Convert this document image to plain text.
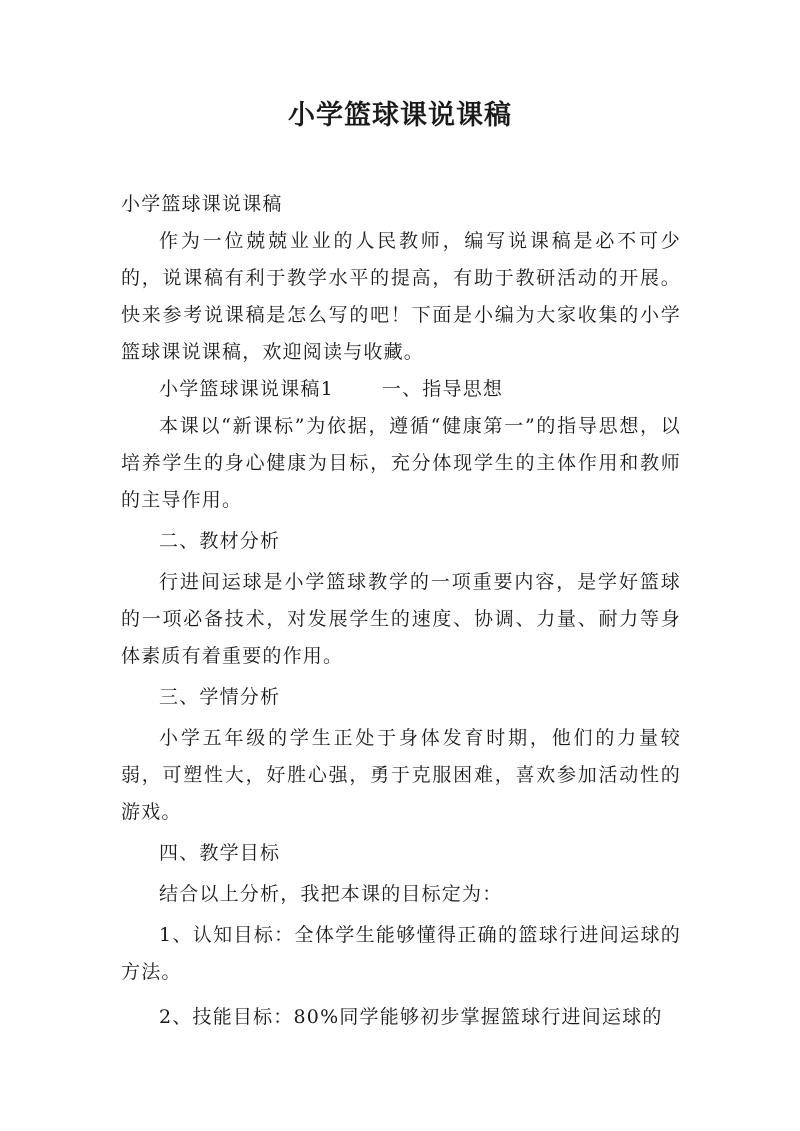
小学篮球课说课稿

小学篮球课说课稿

作为一位兢兢业业的人民教师，编写说课稿是必不可少的，说课稿有利于教学水平的提高，有助于教研活动的开展。快来参考说课稿是怎么写的吧！下面是小编为大家收集的小学篮球课说课稿，欢迎阅读与收藏。

小学篮球课说课稿1	一、指导思想

本课以“新课标”为依据，遵循“健康第一”的指导思想，以培养学生的身心健康为目标，充分体现学生的主体作用和教师的主导作用。

二、教材分析

行进间运球是小学篮球教学的一项重要内容，是学好篮球的一项必备技术，对发展学生的速度、协调、力量、耐力等身体素质有着重要的作用。

三、学情分析

小学五年级的学生正处于身体发育时期，他们的力量较弱，可塑性大，好胜心强，勇于克服困难，喜欢参加活动性的游戏。

四、教学目标

结合以上分析，我把本课的目标定为：

1、认知目标：全体学生能够懂得正确的篮球行进间运球的方法。

2、技能目标：80%同学能够初步掌握篮球行进间运球的
